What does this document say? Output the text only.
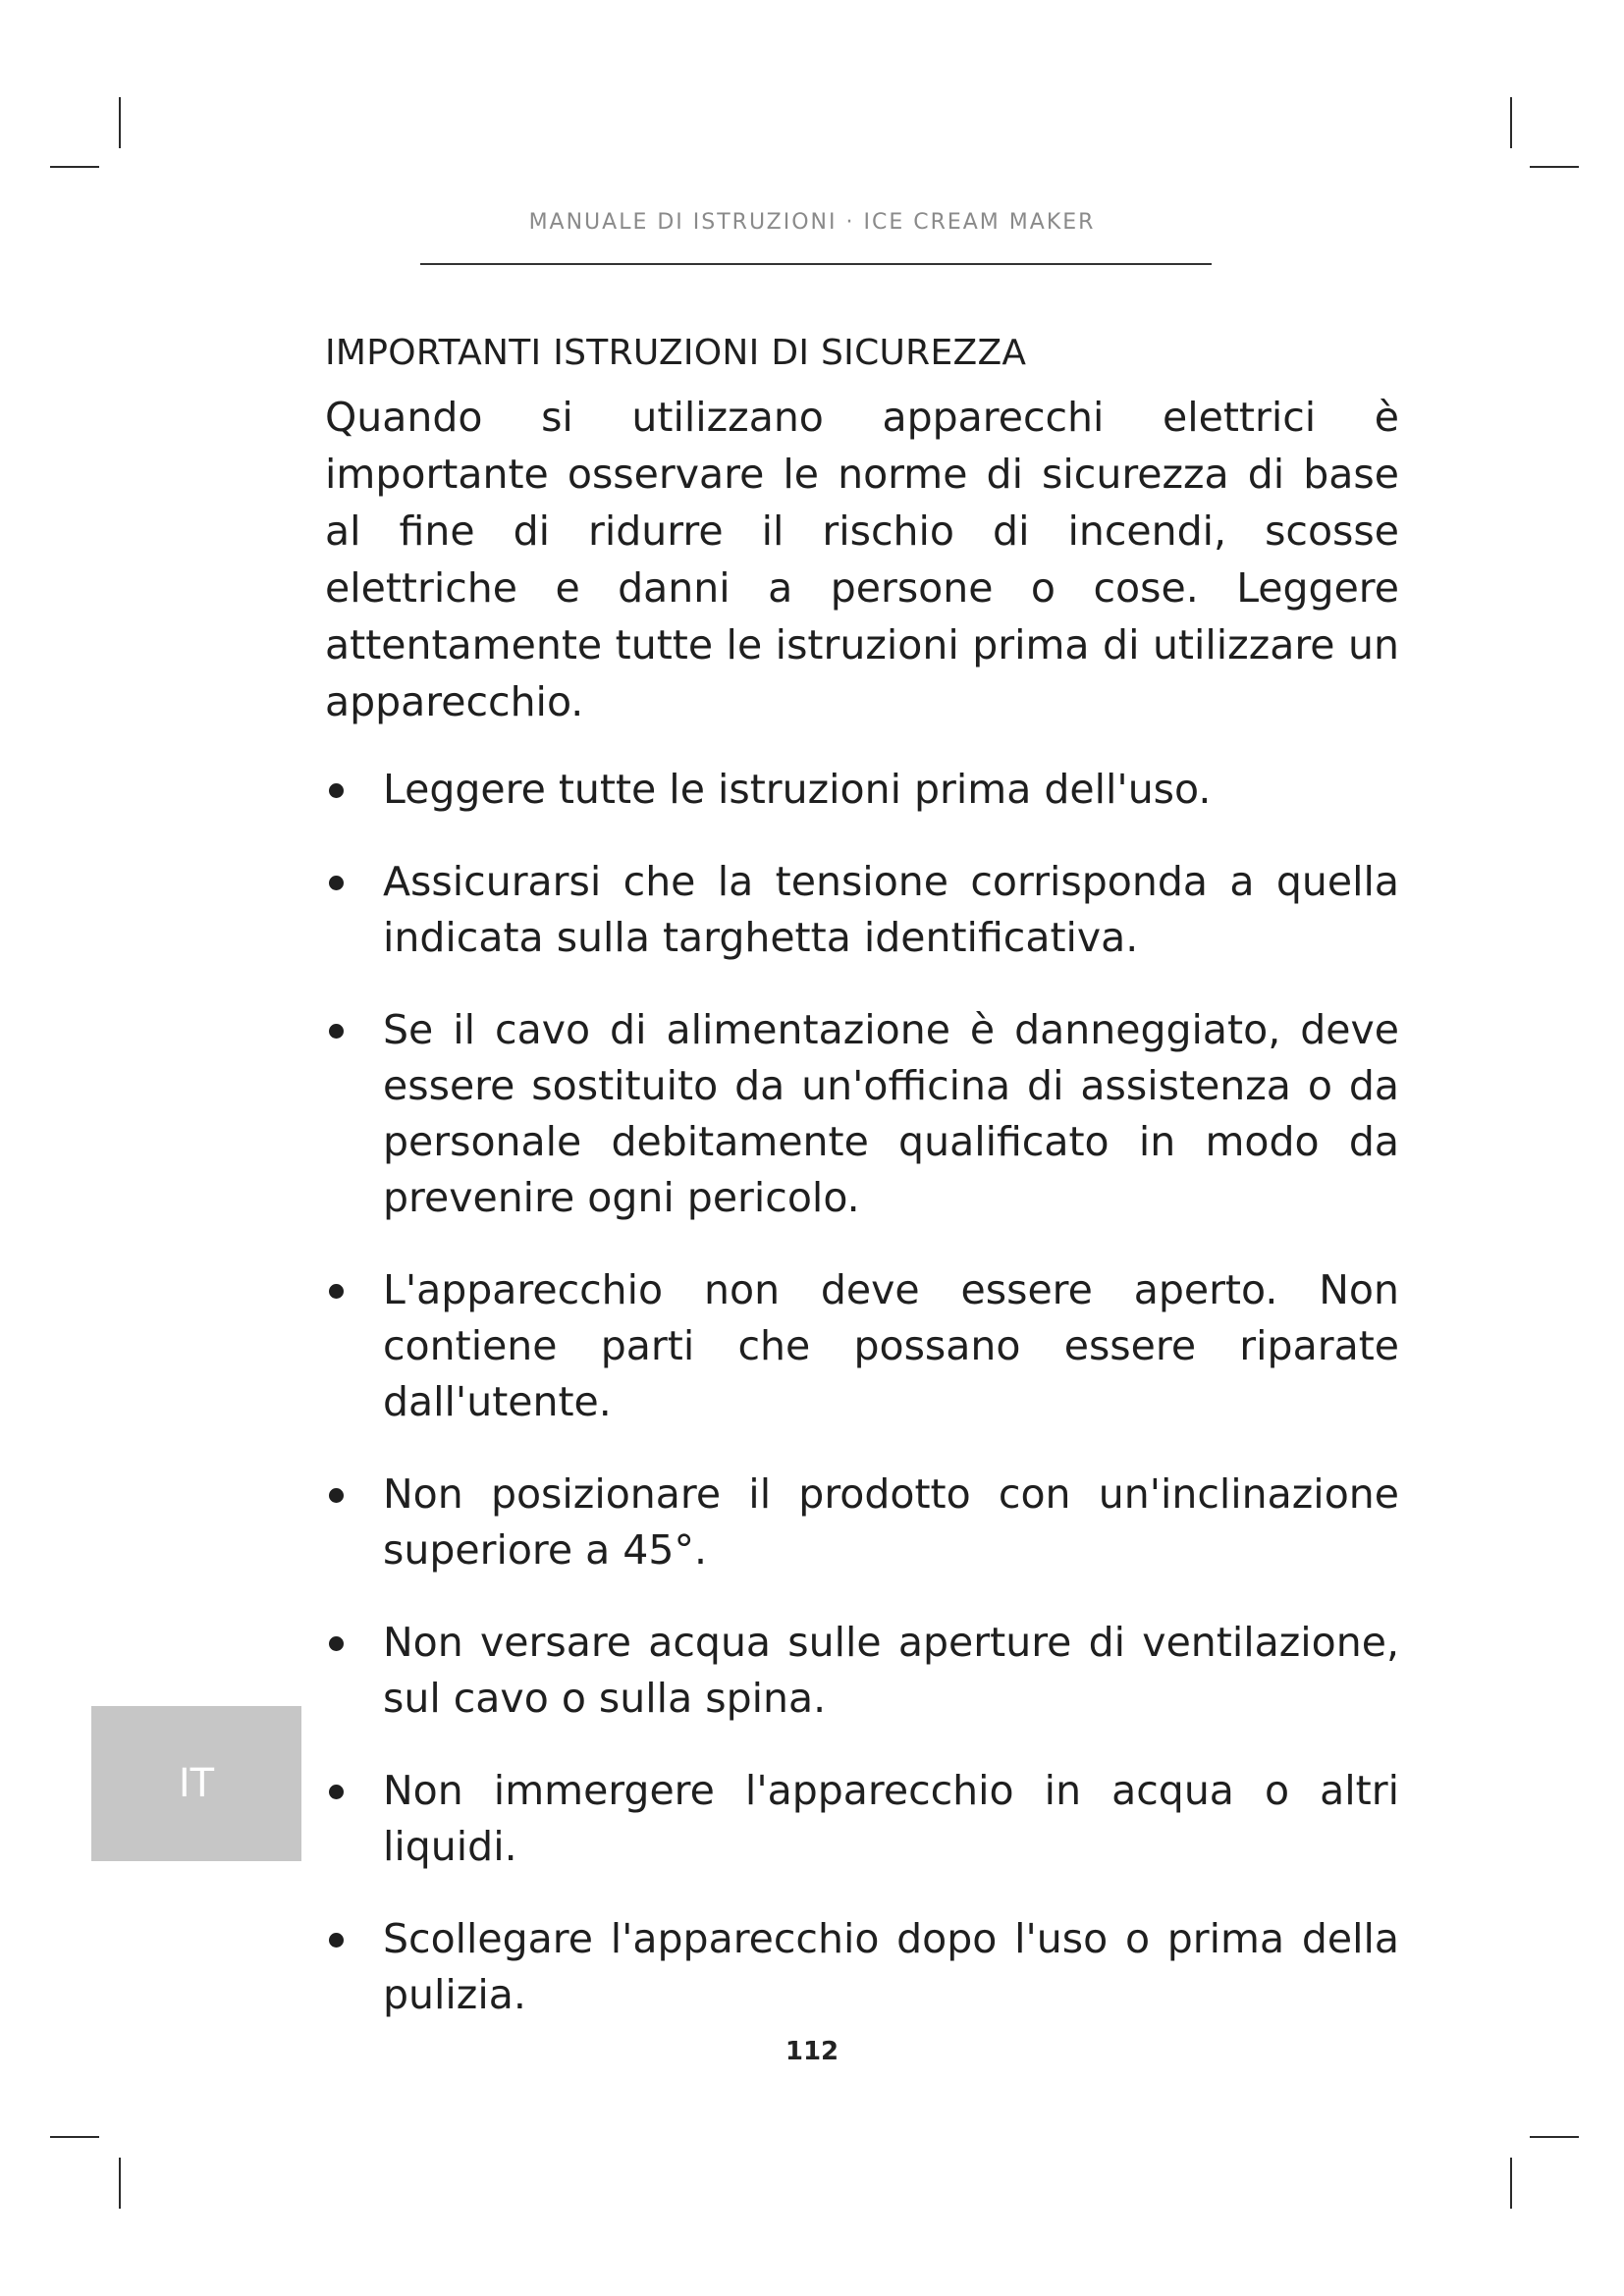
MANUALE DI ISTRUZIONI · ICE CREAM MAKER
IMPORTANTI ISTRUZIONI DI SICUREZZA

Quando si utilizzano apparecchi elettrici è importante osservare le norme di sicurezza di base al fine di ridurre il rischio di incendi, scosse elettriche e danni a persone o cose. Leggere attentamente tutte le istruzioni prima di utilizzare un apparecchio.

Leggere tutte le istruzioni prima dell'uso.
Assicurarsi che la tensione corrisponda a quella indicata sulla targhetta identificativa.
Se il cavo di alimentazione è danneggiato, deve essere sostituito da un'officina di assistenza o da personale debitamente qualificato in modo da prevenire ogni pericolo.
L'apparecchio non deve essere aperto. Non contiene parti che possano essere riparate dall'utente.
Non posizionare il prodotto con un'inclinazione superiore a 45°.
Non versare acqua sulle aperture di ventilazione, sul cavo o sulla spina.
Non immergere l'apparecchio in acqua o altri liquidi.
Scollegare l'apparecchio dopo l'uso o prima della pulizia.
IT
112
